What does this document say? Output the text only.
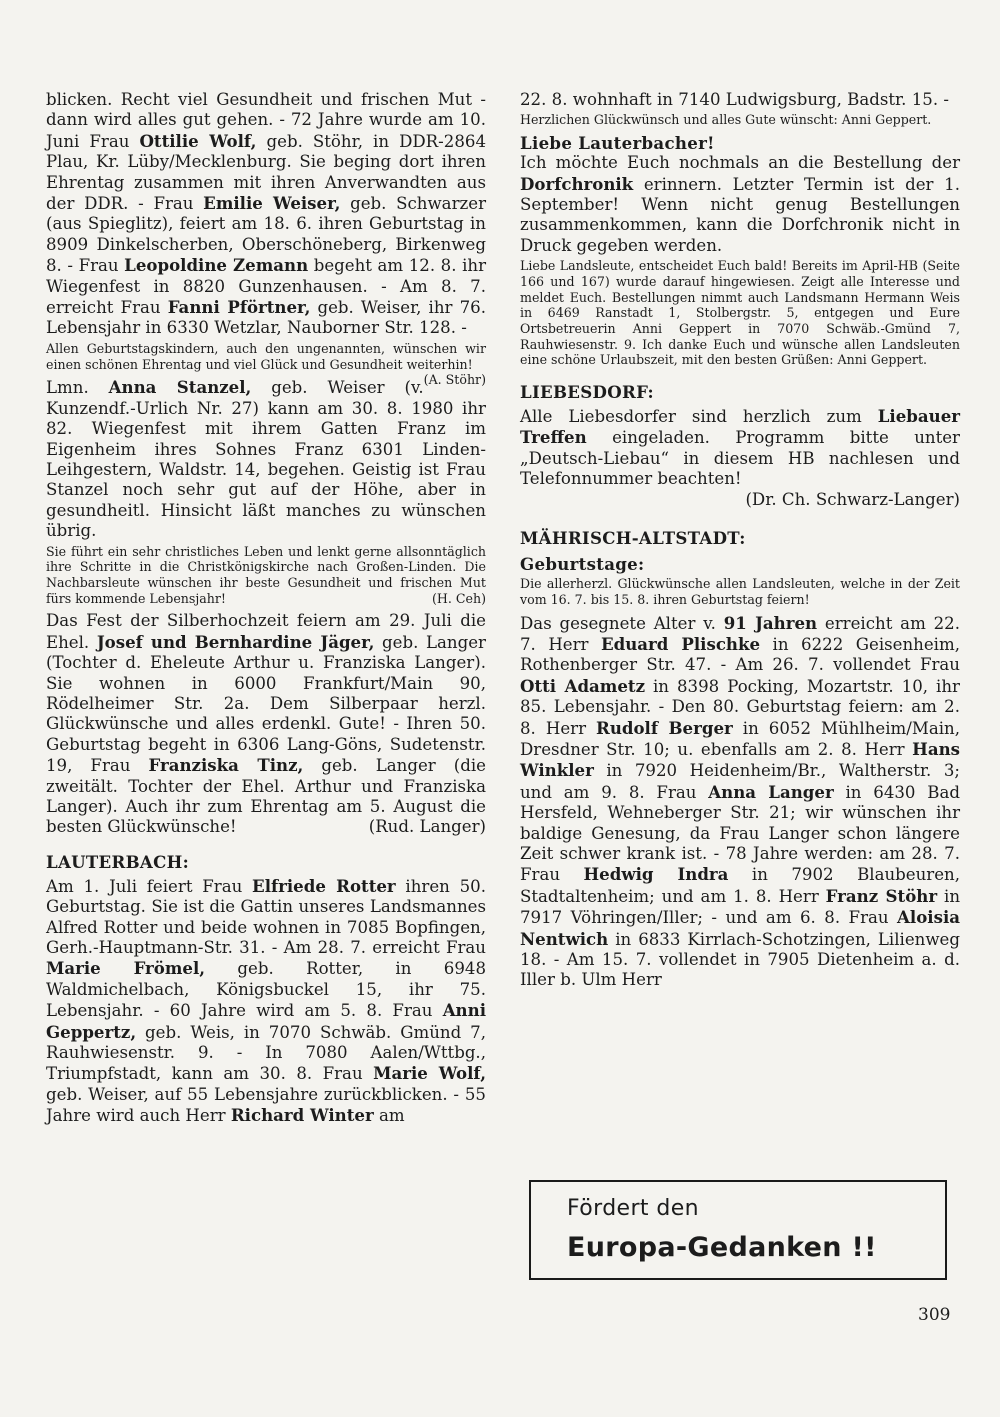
blicken. Recht viel Gesundheit und frischen Mut - dann wird alles gut gehen. - 72 Jahre wurde am 10. Juni Frau Ottilie Wolf, geb. Stöhr, in DDR-2864 Plau, Kr. Lüby/Mecklenburg. Sie beging dort ihren Ehrentag zusammen mit ihren Anverwandten aus der DDR. - Frau Emilie Weiser, geb. Schwarzer (aus Spieglitz), feiert am 18. 6. ihren Geburtstag in 8909 Dinkelscherben, Oberschöneberg, Birkenweg 8. - Frau Leopoldine Zemann begeht am 12. 8. ihr Wiegenfest in 8820 Gunzenhausen. - Am 8. 7. erreicht Frau Fanni Pförtner, geb. Weiser, ihr 76. Lebensjahr in 6330 Wetzlar, Nauborner Str. 128. -

Allen Geburtstagskindern, auch den ungenannten, wünschen wir einen schönen Ehrentag und viel Glück und Gesundheit weiterhin!
(A. Stöhr)

Lmn. Anna Stanzel, geb. Weiser (v. Kunzendf.-Urlich Nr. 27) kann am 30. 8. 1980 ihr 82. Wiegenfest mit ihrem Gatten Franz im Eigenheim ihres Sohnes Franz 6301 Linden-Leihgestern, Waldstr. 14, begehen. Geistig ist Frau Stanzel noch sehr gut auf der Höhe, aber in gesundheitl. Hinsicht läßt manches zu wünschen übrig.

Sie führt ein sehr christliches Leben und lenkt gerne allsonntäglich ihre Schritte in die Christkönigskirche nach Großen-Linden. Die Nachbarsleute wünschen ihr beste Gesundheit und frischen Mut fürs kommende Lebensjahr!	(H. Ceh)

Das Fest der Silberhochzeit feiern am 29. Juli die Ehel. Josef und Bernhardine Jäger, geb. Langer (Tochter d. Eheleute Arthur u. Franziska Langer). Sie wohnen in 6000 Frankfurt/Main 90, Rödelheimer Str. 2a. Dem Silberpaar herzl. Glückwünsche und alles erdenkl. Gute! - Ihren 50. Geburtstag begeht in 6306 Lang-Göns, Sudetenstr. 19, Frau Franziska Tinz, geb. Langer (die zweitält. Tochter der Ehel. Arthur und Franziska Langer). Auch ihr zum Ehrentag am 5. August die besten Glückwünsche!	(Rud. Langer)

LAUTERBACH:

Am 1. Juli feiert Frau Elfriede Rotter ihren 50. Geburtstag. Sie ist die Gattin unseres Landsmannes Alfred Rotter und beide wohnen in 7085 Bopfingen, Gerh.-Hauptmann-Str. 31. - Am 28. 7. erreicht Frau Marie Frömel, geb. Rotter, in 6948 Waldmichelbach, Königsbuckel 15, ihr 75. Lebensjahr. - 60 Jahre wird am 5. 8. Frau Anni Geppertz, geb. Weis, in 7070 Schwäb. Gmünd 7, Rauhwiesenstr. 9. - In 7080 Aalen/Wttbg., Triumpfstadt, kann am 30. 8. Frau Marie Wolf, geb. Weiser, auf 55 Lebensjahre zurückblicken. - 55 Jahre wird auch Herr Richard Winter am

22. 8. wohnhaft in 7140 Ludwigsburg, Badstr. 15. -

Herzlichen Glückwünsch und alles Gute wünscht: Anni Geppert.

Liebe Lauterbacher!

Ich möchte Euch nochmals an die Bestellung der Dorfchronik erinnern. Letzter Termin ist der 1. September! Wenn nicht genug Bestellungen zusammenkommen, kann die Dorfchronik nicht in Druck gegeben werden.

Liebe Landsleute, entscheidet Euch bald! Bereits im April-HB (Seite 166 und 167) wurde darauf hingewiesen. Zeigt alle Interesse und meldet Euch. Bestellungen nimmt auch Landsmann Hermann Weis in 6469 Ranstadt 1, Stolbergstr. 5, entgegen und Eure Ortsbetreuerin Anni Geppert in 7070 Schwäb.-Gmünd 7, Rauhwiesenstr. 9. Ich danke Euch und wünsche allen Landsleuten eine schöne Urlaubszeit, mit den besten Grüßen: Anni Geppert.

LIEBESDORF:

Alle Liebesdorfer sind herzlich zum Liebauer Treffen eingeladen. Programm bitte unter „Deutsch-Liebau“ in diesem HB nachlesen und Telefonnummer beachten!

(Dr. Ch. Schwarz-Langer)

MÄHRISCH-ALTSTADT:

Geburtstage:

Die allerherzl. Glückwünsche allen Landsleuten, welche in der Zeit vom 16. 7. bis 15. 8. ihren Geburtstag feiern!

Das gesegnete Alter v. 91 Jahren erreicht am 22. 7. Herr Eduard Plischke in 6222 Geisenheim, Rothenberger Str. 47. - Am 26. 7. vollendet Frau Otti Adametz in 8398 Pocking, Mozartstr. 10, ihr 85. Lebensjahr. - Den 80. Geburtstag feiern: am 2. 8. Herr Rudolf Berger in 6052 Mühlheim/Main, Dresdner Str. 10; u. ebenfalls am 2. 8. Herr Hans Winkler in 7920 Heidenheim/Br., Waltherstr. 3; und am 9. 8. Frau Anna Langer in 6430 Bad Hersfeld, Wehneberger Str. 21; wir wünschen ihr baldige Genesung, da Frau Langer schon längere Zeit schwer krank ist. - 78 Jahre werden: am 28. 7. Frau Hedwig Indra in 7902 Blaubeuren, Stadtaltenheim; und am 1. 8. Herr Franz Stöhr in 7917 Vöhringen/Iller; - und am 6. 8. Frau Aloisia Nentwich in 6833 Kirrlach-Schotzingen, Lilienweg 18. - Am 15. 7. vollendet in 7905 Dietenheim a. d. Iller b. Ulm Herr

Fördert den
Europa-Gedanken !!
309
